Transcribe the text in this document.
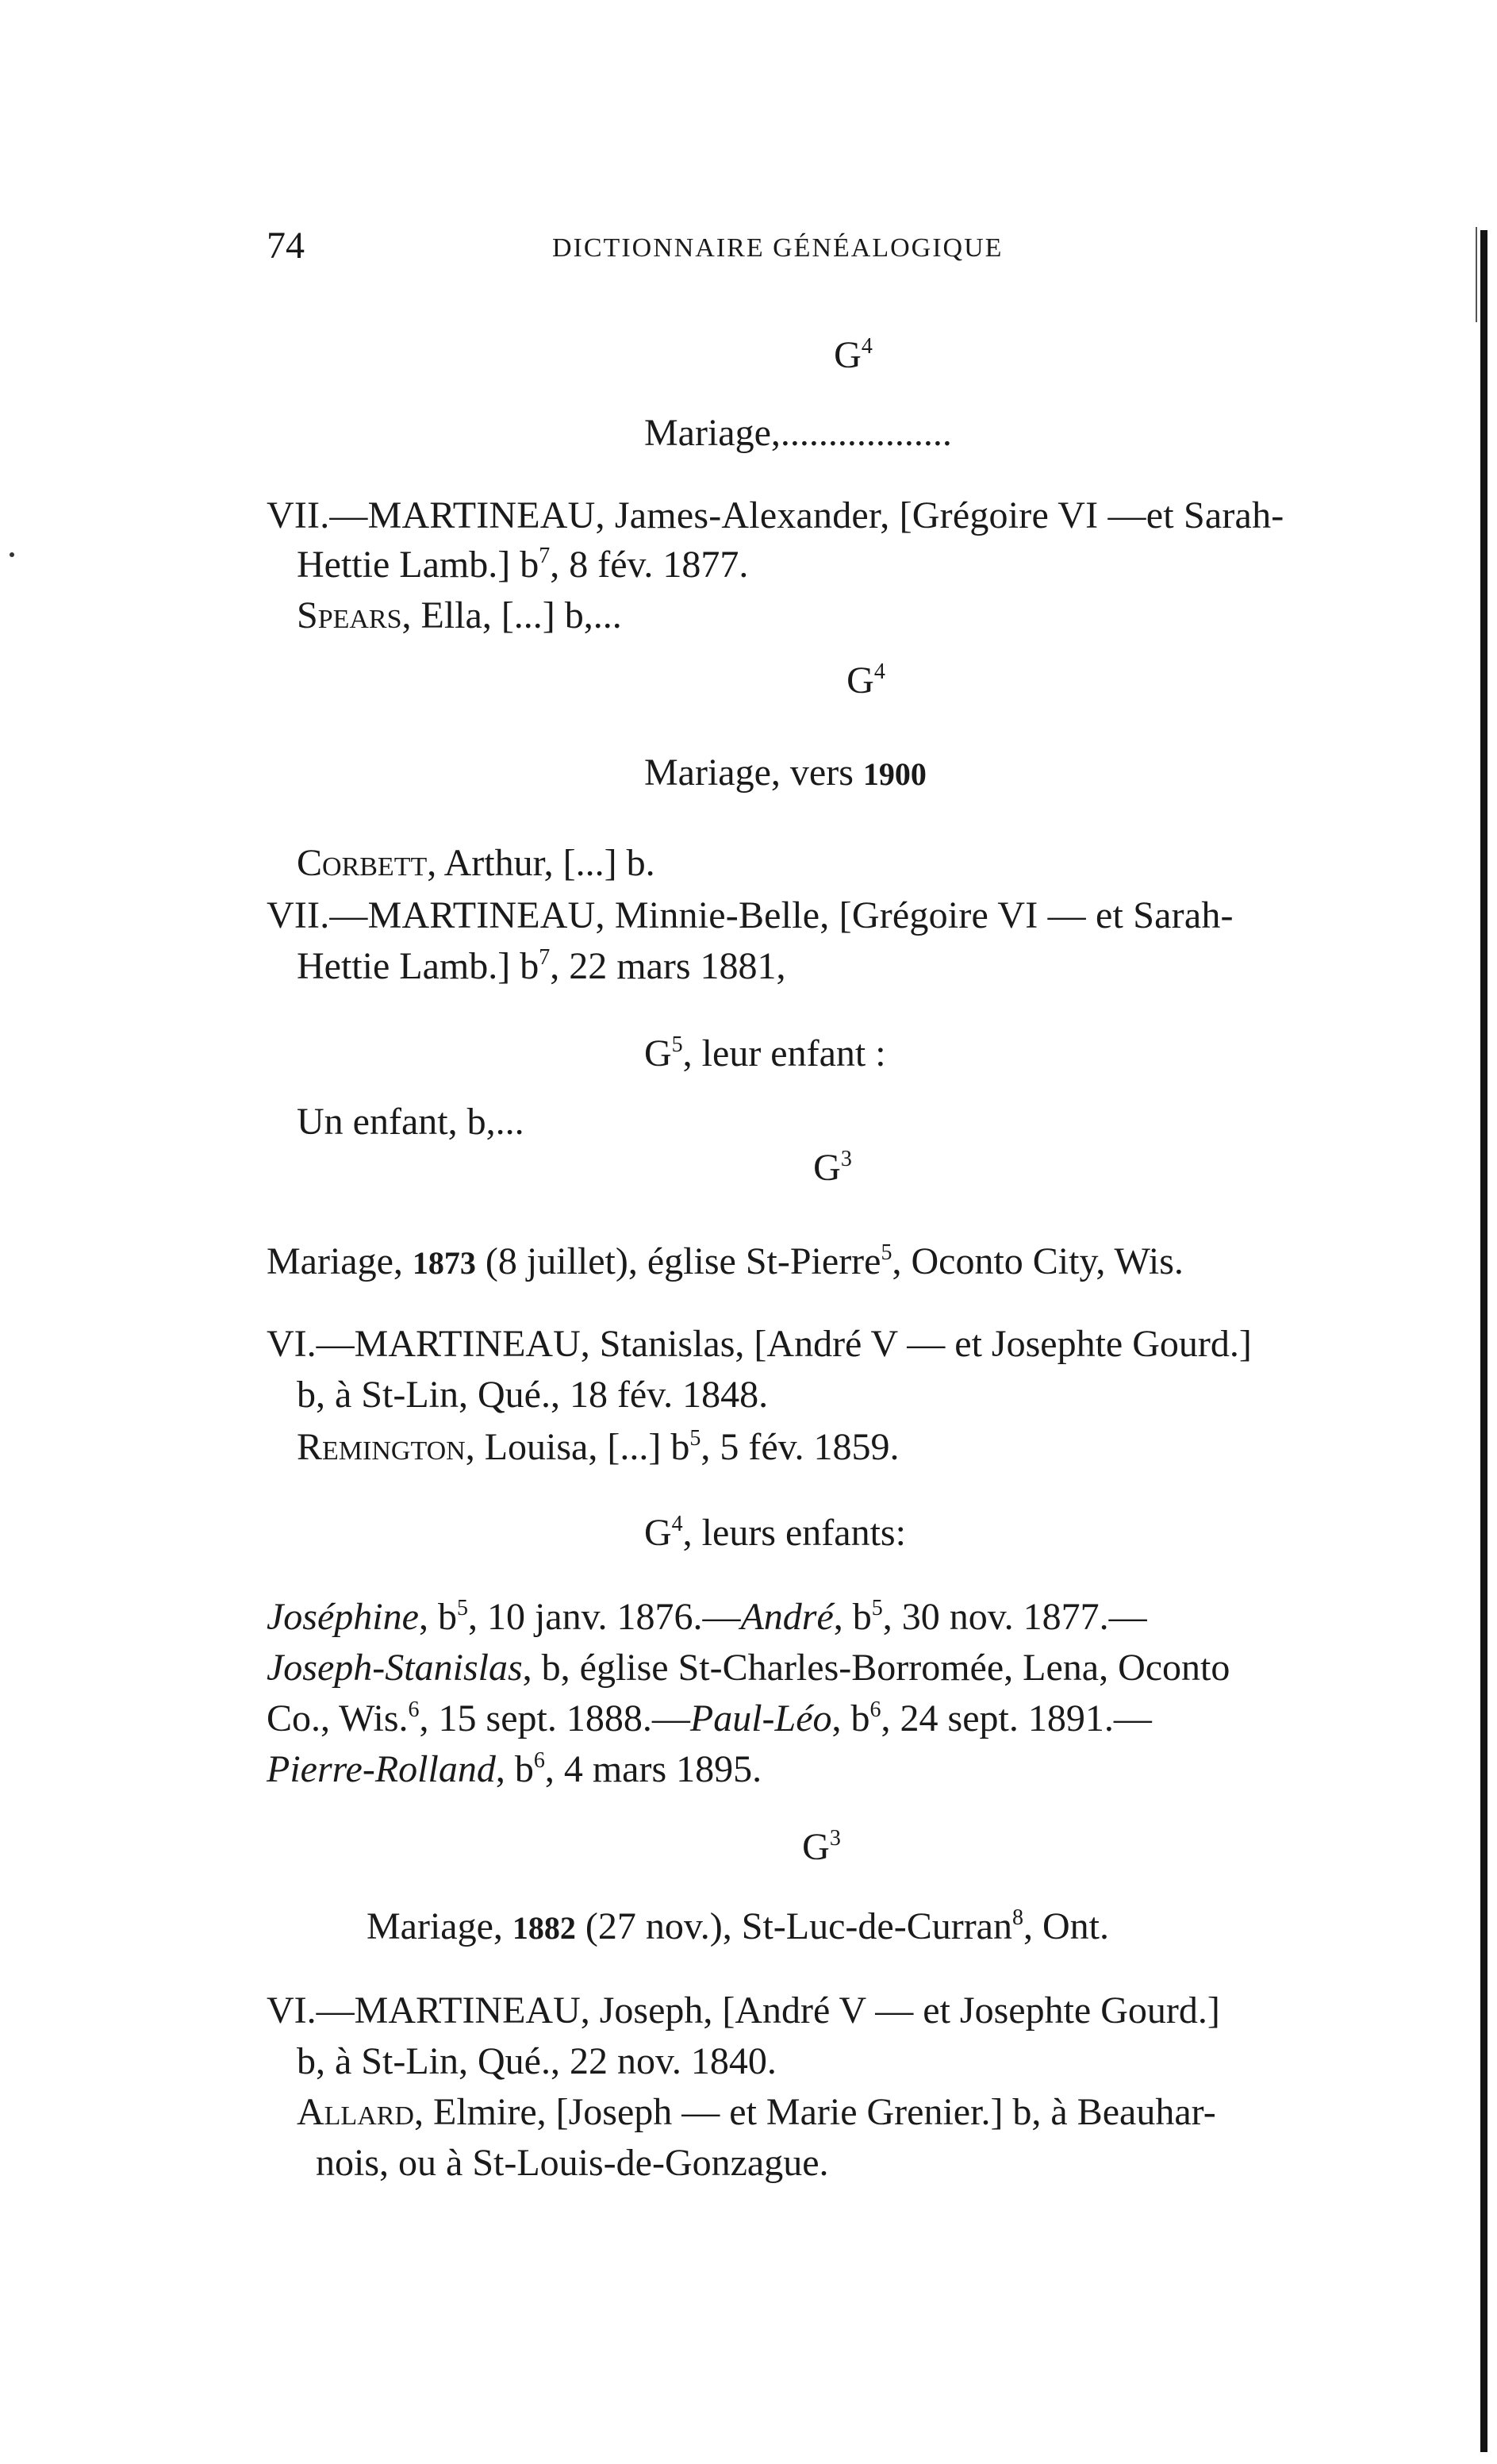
74	DICTIONNAIRE GÉNÉALOGIQUE
$G^4$
Mariage,..................
VII.—MARTINEAU, James-Alexander, [Grégoire VI —et Sarah-
Hettie Lamb.] $b^7$, 8 fév. 1877.
Spears, Ella, [...] b,...
$G^4$
Mariage, vers 1900
Corbett, Arthur, [...] b.
VII.—MARTINEAU, Minnie-Belle, [Grégoire VI — et Sarah-
Hettie Lamb.] $b^7$, 22 mars 1881,
$G^5$, leur enfant :
Un enfant, b,...
$G^3$
Mariage, 1873 (8 juillet), église St-Pierre$^5$, Oconto City, Wis.
VI.—MARTINEAU, Stanislas, [André V — et Josephte Gourd.]
b, à St-Lin, Qué., 18 fév. 1848.
Remington, Louisa, [...] $b^5$, 5 fév. 1859.
$G^4$, leurs enfants:
Joséphine, $b^5$, 10 janv. 1876.—André, $b^5$, 30 nov. 1877.—
Joseph-Stanislas, b, église St-Charles-Borromée, Lena, Oconto
Co., Wis.$^6$, 15 sept. 1888.—Paul-Léo, $b^6$, 24 sept. 1891.—
Pierre-Rolland, $b^6$, 4 mars 1895.
$G^3$
Mariage, 1882 (27 nov.), St-Luc-de-Curran$^8$, Ont.
VI.—MARTINEAU, Joseph, [André V — et Josephte Gourd.]
b, à St-Lin, Qué., 22 nov. 1840.
Allard, Elmire, [Joseph — et Marie Grenier.] b, à Beauhar-
nois, ou à St-Louis-de-Gonzague.
